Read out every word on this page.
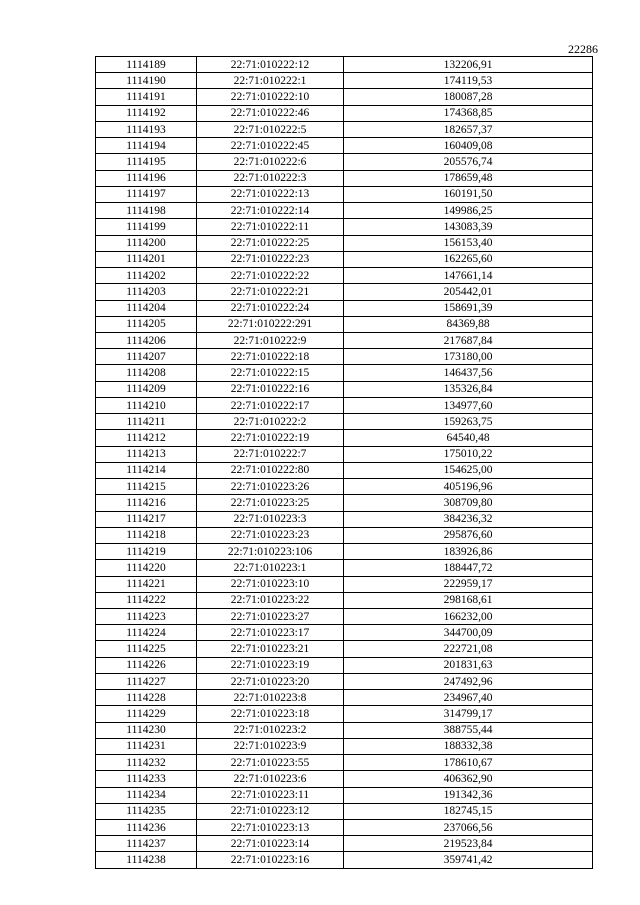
22286
1114189	22:71:010222:12	132206,91
1114190	22:71:010222:1	174119,53
1114191	22:71:010222:10	180087,28
1114192	22:71:010222:46	174368,85
1114193	22:71:010222:5	182657,37
1114194	22:71:010222:45	160409,08
1114195	22:71:010222:6	205576,74
1114196	22:71:010222:3	178659,48
1114197	22:71:010222:13	160191,50
1114198	22:71:010222:14	149986,25
1114199	22:71:010222:11	143083,39
1114200	22:71:010222:25	156153,40
1114201	22:71:010222:23	162265,60
1114202	22:71:010222:22	147661,14
1114203	22:71:010222:21	205442,01
1114204	22:71:010222:24	158691,39
1114205	22:71:010222:291	84369,88
1114206	22:71:010222:9	217687,84
1114207	22:71:010222:18	173180,00
1114208	22:71:010222:15	146437,56
1114209	22:71:010222:16	135326,84
1114210	22:71:010222:17	134977,60
1114211	22:71:010222:2	159263,75
1114212	22:71:010222:19	64540,48
1114213	22:71:010222:7	175010,22
1114214	22:71:010222:80	154625,00
1114215	22:71:010223:26	405196,96
1114216	22:71:010223:25	308709,80
1114217	22:71:010223:3	384236,32
1114218	22:71:010223:23	295876,60
1114219	22:71:010223:106	183926,86
1114220	22:71:010223:1	188447,72
1114221	22:71:010223:10	222959,17
1114222	22:71:010223:22	298168,61
1114223	22:71:010223:27	166232,00
1114224	22:71:010223:17	344700,09
1114225	22:71:010223:21	222721,08
1114226	22:71:010223:19	201831,63
1114227	22:71:010223:20	247492,96
1114228	22:71:010223:8	234967,40
1114229	22:71:010223:18	314799,17
1114230	22:71:010223:2	388755,44
1114231	22:71:010223:9	188332,38
1114232	22:71:010223:55	178610,67
1114233	22:71:010223:6	406362,90
1114234	22:71:010223:11	191342,36
1114235	22:71:010223:12	182745,15
1114236	22:71:010223:13	237066,56
1114237	22:71:010223:14	219523,84
1114238	22:71:010223:16	359741,42
